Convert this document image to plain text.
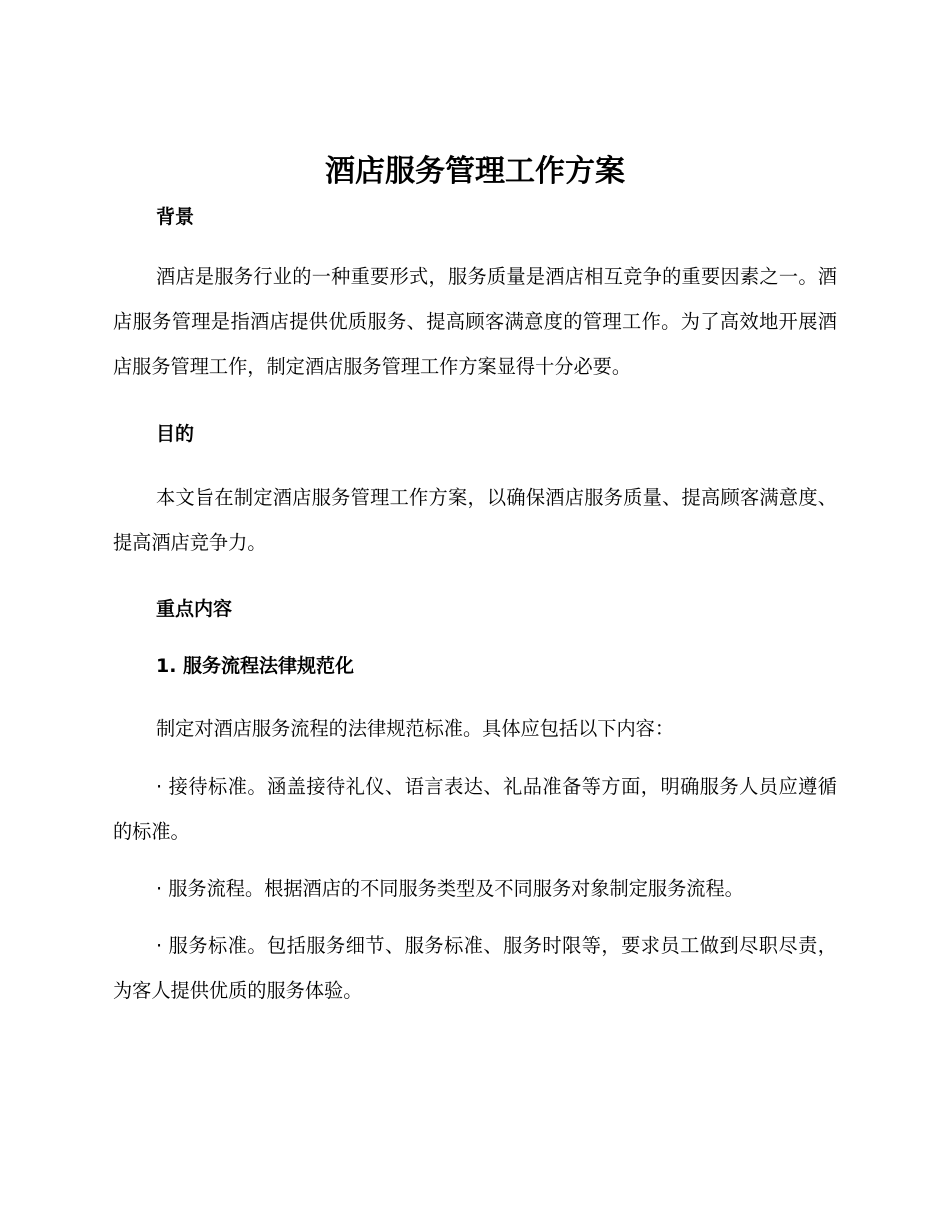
酒店服务管理工作方案
背景

酒店是服务行业的一种重要形式，服务质量是酒店相互竞争的重要因素之一。酒店服务管理是指酒店提供优质服务、提高顾客满意度的管理工作。为了高效地开展酒店服务管理工作，制定酒店服务管理工作方案显得十分必要。

目的

本文旨在制定酒店服务管理工作方案，以确保酒店服务质量、提高顾客满意度、提高酒店竞争力。

重点内容
1. 服务流程法律规范化

制定对酒店服务流程的法律规范标准。具体应包括以下内容：

· 接待标准。涵盖接待礼仪、语言表达、礼品准备等方面，明确服务人员应遵循的标准。

· 服务流程。根据酒店的不同服务类型及不同服务对象制定服务流程。

· 服务标准。包括服务细节、服务标准、服务时限等，要求员工做到尽职尽责，为客人提供优质的服务体验。
